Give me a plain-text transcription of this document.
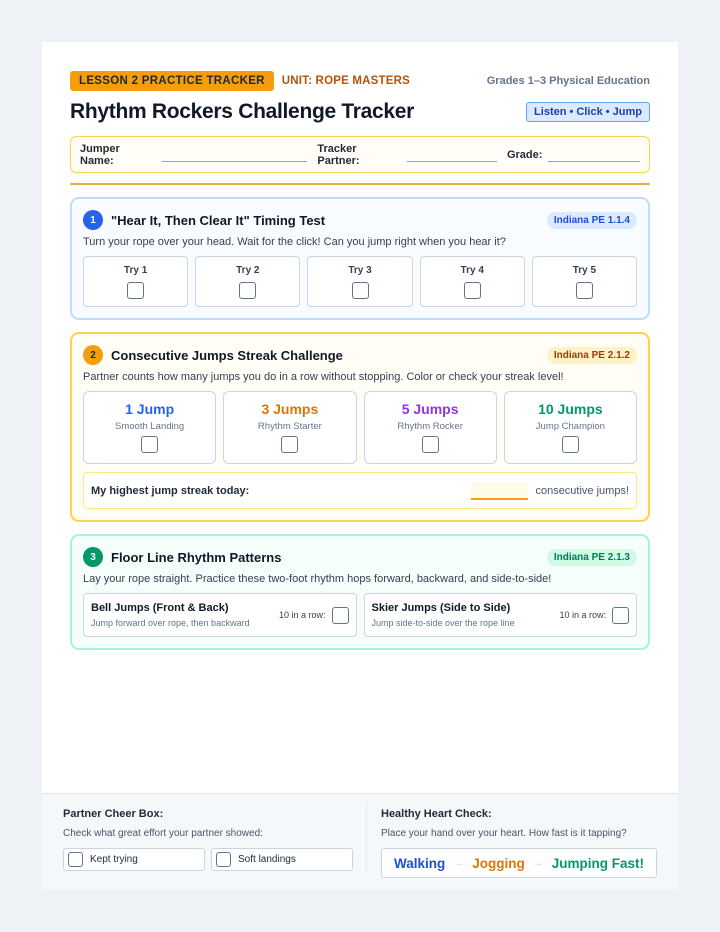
LESSON 2 PRACTICE TRACKER	UNIT: ROPE MASTERS	Grades 1–3 Physical Education
Rhythm Rockers Challenge Tracker	Listen • Click • Jump
Jumper Name:
Tracker Partner:	Grade:
1	"Hear It, Then Clear It" Timing Test	Indiana PE 1.1.4
Turn your rope over your head. Wait for the click! Can you jump right when you hear it?
Try 1	Try 2	Try 3	Try 4	Try 5
2	Consecutive Jumps Streak Challenge	Indiana PE 2.1.2
Partner counts how many jumps you do in a row without stopping. Color or check your streak level!
1 Jump
Smooth Landing
3 Jumps
Rhythm Starter
5 Jumps
Rhythm Rocker
10 Jumps
Jump Champion
My highest jump streak today:	consecutive jumps!
3	Floor Line Rhythm Patterns	Indiana PE 2.1.3
Lay your rope straight. Practice these two-foot rhythm hops forward, backward, and side-to-side!
Bell Jumps (Front & Back)
Jump forward over rope, then backward
10 in a row:
Skier Jumps (Side to Side)
Jump side-to-side over the rope line
10 in a row:
Partner Cheer Box:
Check what great effort your partner showed:
Kept trying	Soft landings
Healthy Heart Check:
Place your hand over your heart. How fast is it tapping?
Walking → Jogging → Jumping Fast!
